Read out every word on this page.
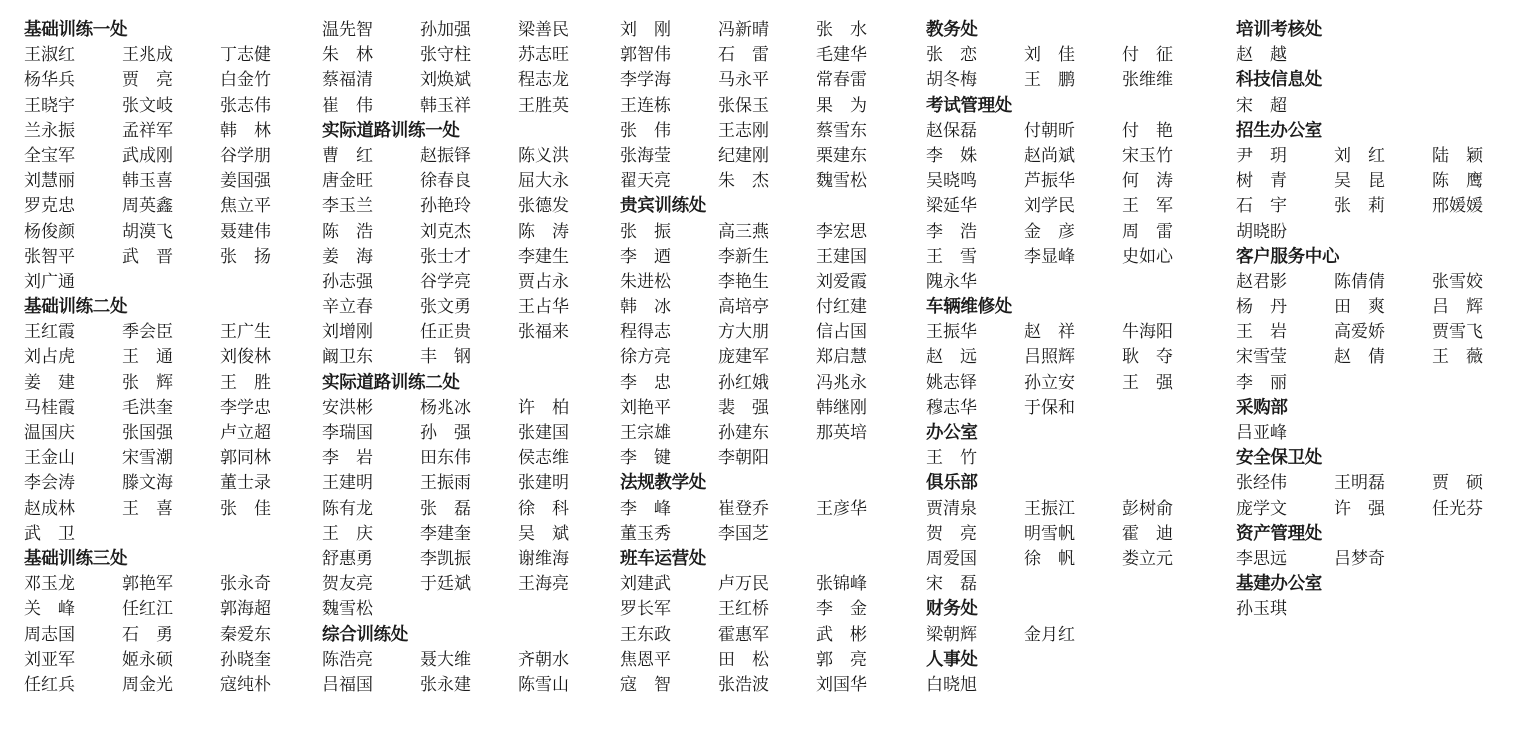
基础训练一处
王淑红	王兆成	丁志健
杨华兵	贾　亮	白金竹
王晓宇	张文岐	张志伟
兰永振	孟祥军	韩　林
全宝军	武成刚	谷学朋
刘慧丽	韩玉喜	姜国强
罗克忠	周英鑫	焦立平
杨俊颜	胡漠飞	聂建伟
张智平	武　晋	张　扬
刘广通
基础训练二处
王红霞	季会臣	王广生
刘占虎	王　通	刘俊林
姜　建	张　辉	王　胜
马桂霞	毛洪奎	李学忠
温国庆	张国强	卢立超
王金山	宋雪潮	郭同林
李会涛	滕文海	董士录
赵成林	王　喜	张　佳
武　卫
基础训练三处
邓玉龙	郭艳军	张永奇
关　峰	任红江	郭海超
周志国	石　勇	秦爱东
刘亚军	姬永硕	孙晓奎
任红兵	周金光	寇纯朴
温先智	孙加强	梁善民
朱　林	张守柱	苏志旺
蔡福清	刘焕斌	程志龙
崔　伟	韩玉祥	王胜英
实际道路训练一处
曹　红	赵振铎	陈义洪
唐金旺	徐春良	屈大永
李玉兰	孙艳玲	张德发
陈　浩	刘克杰	陈　涛
姜　海	张士才	李建生
孙志强	谷学亮	贾占永
辛立春	张文勇	王占华
刘增刚	任正贵	张福来
阚卫东	丰　钢
实际道路训练二处
安洪彬	杨兆冰	许　柏
李瑞国	孙　强	张建国
李　岩	田东伟	侯志维
王建明	王振雨	张建明
陈有龙	张　磊	徐　科
王　庆	李建奎	吴　斌
舒惠勇	李凯振	谢维海
贺友亮	于廷斌	王海亮
魏雪松
综合训练处
陈浩亮	聂大维	齐朝水
吕福国	张永建	陈雪山
刘　刚	冯新晴	张　水
郭智伟	石　雷	毛建华
李学海	马永平	常春雷
王连栋	张保玉	果　为
张　伟	王志刚	蔡雪东
张海莹	纪建刚	栗建东
翟天亮	朱　杰	魏雪松
贵宾训练处
张　振	高三燕	李宏思
李　迺	李新生	王建国
朱进松	李艳生	刘爱霞
韩　冰	高培亭	付红建
程得志	方大朋	信占国
徐方亮	庞建军	郑启慧
李　忠	孙红娥	冯兆永
刘艳平	裴　强	韩继刚
王宗雄	孙建东	那英培
李　键	李朝阳
法规教学处
李　峰	崔登乔	王彦华
董玉秀	李国芝
班车运营处
刘建武	卢万民	张锦峰
罗长军	王红桥	李　金
王东政	霍惠军	武　彬
焦恩平	田　松	郭　亮
寇　智	张浩波	刘国华
教务处
张　恋	刘　佳	付　征
胡冬梅	王　鹏	张维维
考试管理处
赵保磊	付朝昕	付　艳
李　姝	赵尚斌	宋玉竹
吴晓鸣	芦振华	何　涛
梁延华	刘学民	王　军
李　浩	金　彦	周　雷
王　雪	李显峰	史如心
隗永华
车辆维修处
王振华	赵　祥	牛海阳
赵　远	吕照辉	耿　夺
姚志铎	孙立安	王　强
穆志华	于保和
办公室
王　竹
俱乐部
贾清泉	王振江	彭树俞
贺　亮	明雪帆	霍　迪
周爱国	徐　帆	娄立元
宋　磊
财务处
梁朝辉	金月红
人事处
白晓旭
培训考核处
赵　越
科技信息处
宋　超
招生办公室
尹　玥	刘　红	陆　颖
树　青	吴　昆	陈　鹰
石　宇	张　莉	邢媛媛
胡晓盼
客户服务中心
赵君影	陈倩倩	张雪姣
杨　丹	田　爽	吕　辉
王　岩	高爱娇	贾雪飞
宋雪莹	赵　倩	王　薇
李　丽
采购部
吕亚峰
安全保卫处
张经伟	王明磊	贾　硕
庞学文	许　强	任光芬
资产管理处
李思远	吕梦奇
基建办公室
孙玉琪
